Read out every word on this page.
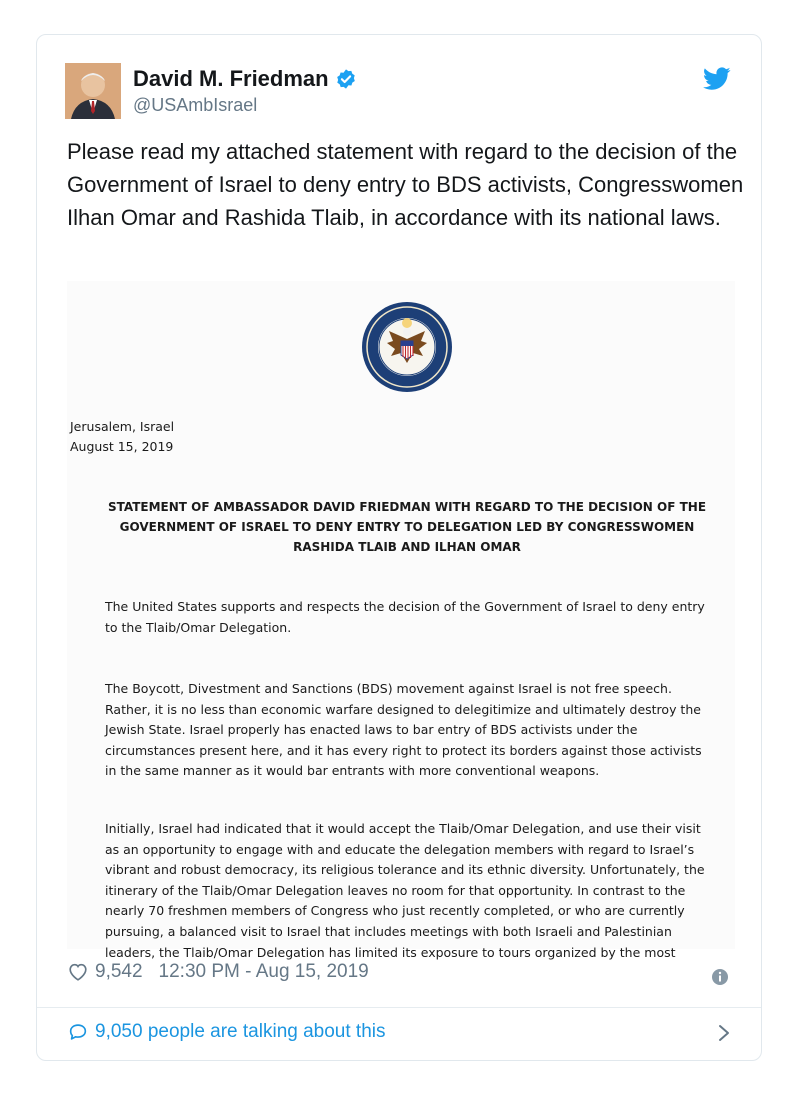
David M. Friedman
@USAmbIsrael
Please read my attached statement with regard to the decision of the Government of Israel to deny entry to BDS activists, Congresswomen Ilhan Omar and Rashida Tlaib, in accordance with its national laws.
Jerusalem, Israel
August 15, 2019
STATEMENT OF AMBASSADOR DAVID FRIEDMAN WITH REGARD TO THE DECISION OF THE
GOVERNMENT OF ISRAEL TO DENY ENTRY TO DELEGATION LED BY CONGRESSWOMEN
RASHIDA TLAIB AND ILHAN OMAR
The United States supports and respects the decision of the Government of Israel to deny entry to the Tlaib/Omar Delegation.
The Boycott, Divestment and Sanctions (BDS) movement against Israel is not free speech. Rather, it is no less than economic warfare designed to delegitimize and ultimately destroy the Jewish State. Israel properly has enacted laws to bar entry of BDS activists under the circumstances present here, and it has every right to protect its borders against those activists in the same manner as it would bar entrants with more conventional weapons.
Initially, Israel had indicated that it would accept the Tlaib/Omar Delegation, and use their visit as an opportunity to engage with and educate the delegation members with regard to Israel’s vibrant and robust democracy, its religious tolerance and its ethnic diversity. Unfortunately, the itinerary of the Tlaib/Omar Delegation leaves no room for that opportunity. In contrast to the nearly 70 freshmen members of Congress who just recently completed, or who are currently pursuing, a balanced visit to Israel that includes meetings with both Israeli and Palestinian leaders, the Tlaib/Omar Delegation has limited its exposure to tours organized by the most
9,542 12:30 PM - Aug 15, 2019
9,050 people are talking about this
